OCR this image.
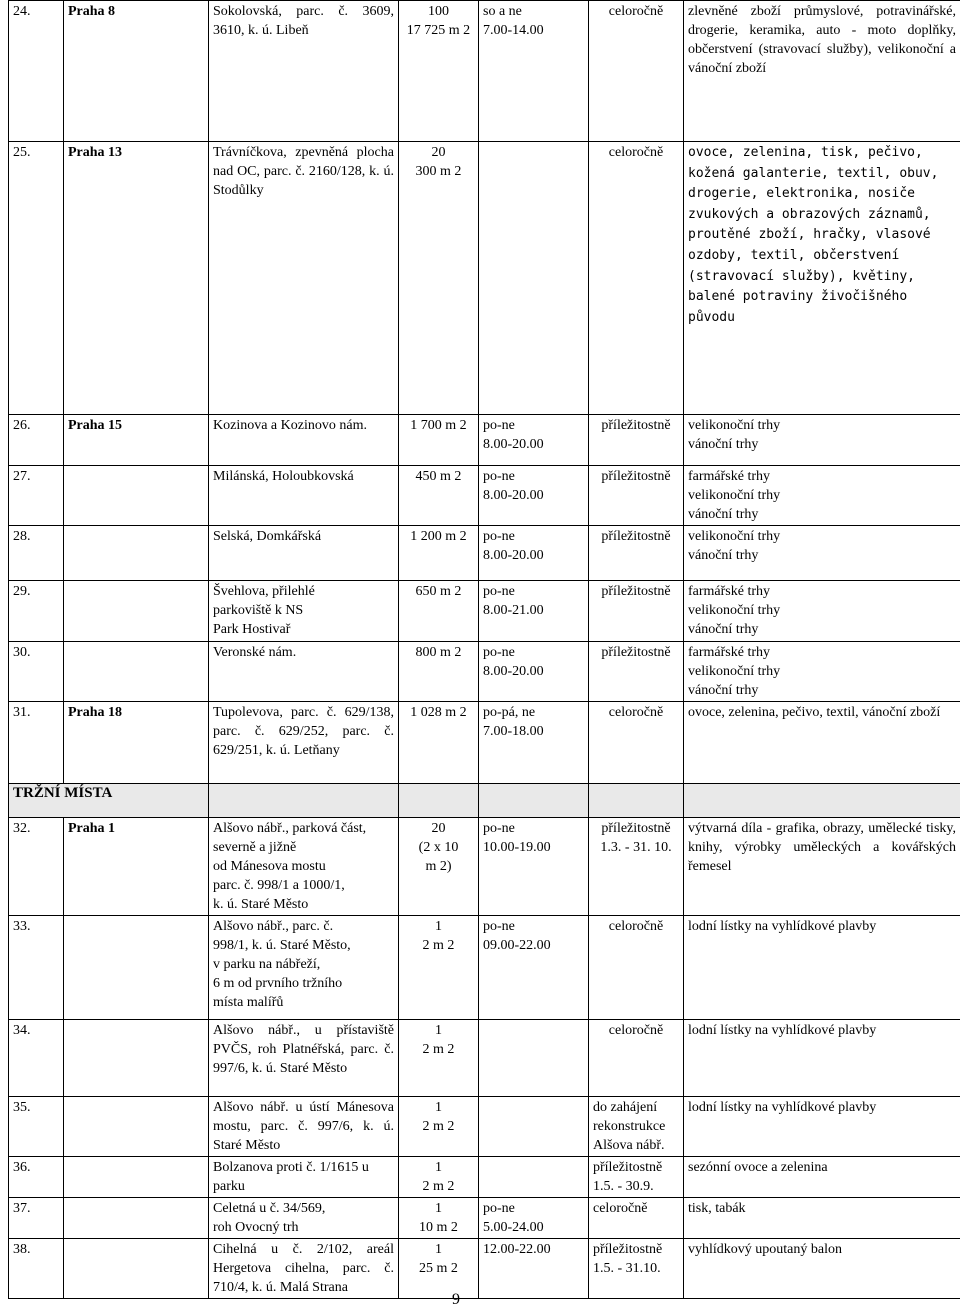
24.	Praha 8	Sokolovská, parc. č. 3609, 3610, k. ú. Libeň	100
17 725 m 2	so a ne
7.00-14.00	celoročně	zlevněné zboží průmyslové, potravinářské, drogerie, keramika, auto - moto doplňky, občerstvení (stravovací služby), velikonoční a vánoční zboží
25.	Praha 13	Trávníčkova, zpevněná plocha nad OC, parc. č. 2160/128, k. ú. Stodůlky	20
300 m 2		celoročně	ovoce, zelenina, tisk, pečivo, kožená galanterie, textil, obuv, drogerie, elektronika, nosiče zvukových a obrazových záznamů, proutěné zboží, hračky, vlasové ozdoby, textil, občerstvení (stravovací služby), květiny, balené potraviny živočišného původu
26.	Praha 15	Kozinova a Kozinovo nám.	1 700 m 2	po-ne
8.00-20.00	příležitostně	velikonoční trhy
vánoční trhy

27.		Milánská, Holoubkovská	450 m 2	po-ne
8.00-20.00	příležitostně	farmářské trhy
velikonoční trhy
vánoční trhy

28.		Selská, Domkářská	1 200 m 2	po-ne
8.00-20.00	příležitostně	velikonoční trhy
vánoční trhy

29.		Švehlova, přilehlé
parkoviště k NS
Park Hostivař	650 m 2	po-ne
8.00-21.00	příležitostně	farmářské trhy
velikonoční trhy
vánoční trhy

30.		Veronské nám.	800 m 2	po-ne
8.00-20.00	příležitostně	farmářské trhy
velikonoční trhy
vánoční trhy

31.	Praha 18	Tupolevova, parc. č. 629/138, parc. č. 629/252, parc. č. 629/251, k. ú. Letňany	1 028 m 2	po-pá, ne
7.00-18.00	celoročně	ovoce, zelenina, pečivo, textil, vánoční zboží
TRŽNÍ MÍSTA						
32.	Praha 1	Alšovo nábř., parková část,
severně a jižně
od Mánesova mostu
parc. č. 998/1 a 1000/1,
k. ú. Staré Město	20
(2 x 10
m 2)	po-ne
10.00-19.00	příležitostně
1.3. - 31. 10.	výtvarná díla - grafika, obrazy, umělecké tisky, knihy, výrobky uměleckých a kovářských řemesel
33.		Alšovo nábř., parc. č.
998/1, k. ú. Staré Město,
v parku na nábřeží,
6 m od prvního tržního
místa malířů	1
2 m 2	po-ne
09.00-22.00	celoročně	lodní lístky na vyhlídkové plavby
34.		Alšovo nábř., u přístaviště PVČS, roh Platnéřská, parc. č. 997/6, k. ú. Staré Město	1
2 m 2		celoročně	lodní lístky na vyhlídkové plavby
35.		Alšovo nábř. u ústí Mánesova mostu, parc. č. 997/6, k. ú. Staré Město	1
2 m 2		do zahájení rekonstrukce Alšova nábř.	lodní lístky na vyhlídkové plavby
36.		Bolzanova proti č. 1/1615 u parku	1
2 m 2		příležitostně
1.5. - 30.9.	sezónní ovoce a zelenina
37.		Celetná u č. 34/569,
roh Ovocný trh	1
10 m 2	po-ne
5.00-24.00	celoročně	tisk, tabák
38.		Cihelná u č. 2/102, areál Hergetova cihelna, parc. č. 710/4, k. ú. Malá Strana	1
25 m 2	12.00-22.00	příležitostně
1.5. - 31.10.	vyhlídkový upoutaný balon
9
